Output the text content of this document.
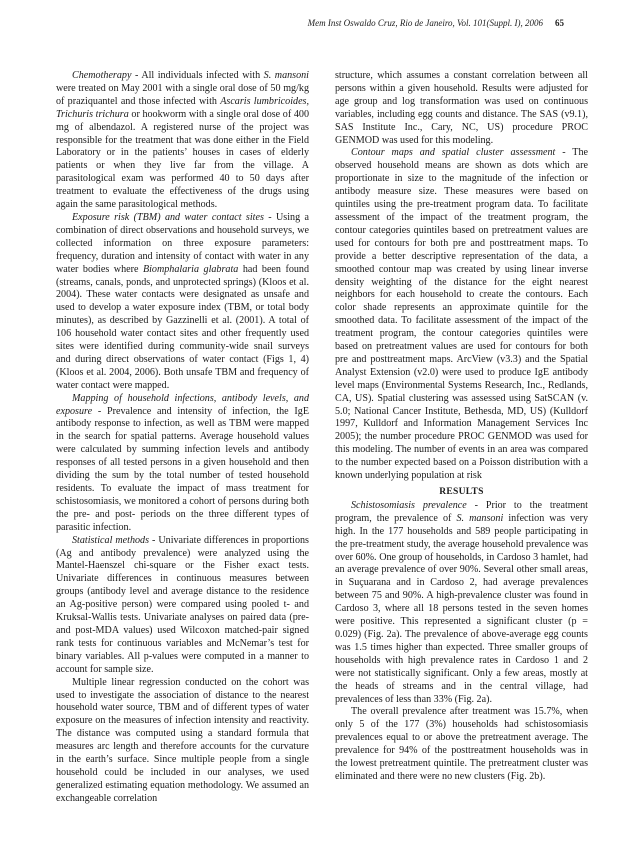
Mem Inst Oswaldo Cruz, Rio de Janeiro, Vol. 101(Suppl. I), 2006 65

Chemotherapy - All individuals infected with S. mansoni were treated on May 2001 with a single oral dose of 50 mg/kg of praziquantel and those infected with Ascaris lumbricoides, Trichuris trichura or hookworm with a single oral dose of 400 mg of albendazol. A registered nurse of the project was responsible for the treatment that was done either in the Field Laboratory or in the patients’ houses in cases of elderly patients or when they live far from the village. A parasitological exam was performed 40 to 50 days after treatment to evaluate the effectiveness of the drugs using again the same parasitological methods.

Exposure risk (TBM) and water contact sites - Using a combination of direct observations and household surveys, we collected information on three exposure parameters: frequency, duration and intensity of contact with water in any water bodies where Biomphalaria glabrata had been found (streams, canals, ponds, and unprotected springs) (Kloos et al. 2004). These water contacts were designated as unsafe and used to develop a water exposure index (TBM, or total body minutes), as described by Gazzinelli et al. (2001). A total of 106 household water contact sites and other frequently used sites were identified during community-wide snail surveys and during direct observations of water contact (Figs 1, 4) (Kloos et al. 2004, 2006). Both unsafe TBM and frequency of water contact were mapped.

Mapping of household infections, antibody levels, and exposure - Prevalence and intensity of infection, the IgE antibody response to infection, as well as TBM were mapped in the search for spatial patterns. Average household values were calculated by summing infection levels and antibody responses of all tested persons in a given household and then dividing the sum by the total number of tested household residents. To evaluate the impact of mass treatment for schistosomiasis, we monitored a cohort of persons during both the pre- and post- periods on the three different types of parasitic infection.

Statistical methods - Univariate differences in proportions (Ag and antibody prevalence) were analyzed using the Mantel-Haenszel chi-square or the Fisher exact tests. Univariate differences in continuous measures between groups (antibody level and average distance to the residence an Ag-positive person) were compared using pooled t- and Kruksal-Wallis tests. Univariate analyses on paired data (pre- and post-MDA values) used Wilcoxon matched-pair signed rank tests for continuous variables and McNemar’s test for binary variables. All p-values were computed in a manner to account for sample size.

Multiple linear regression conducted on the cohort was used to investigate the association of distance to the nearest household water source, TBM and of different types of water exposure on the measures of infection intensity and reactivity. The distance was computed using a standard formula that measures arc length and therefore accounts for the curvature in the earth’s surface. Since multiple people from a single household could be included in our analyses, we used generalized estimating equation methodology. We assumed an exchangeable correlation

structure, which assumes a constant correlation between all persons within a given household. Results were adjusted for age group and log transformation was used on continuous variables, including egg counts and distance. The SAS (v9.1), SAS Institute Inc., Cary, NC, US) procedure PROC GENMOD was used for this modeling.

Contour maps and spatial cluster assessment - The observed household means are shown as dots which are proportionate in size to the magnitude of the infection or antibody measure size. These measures were based on quintiles using the pre-treatment program data. To facilitate assessment of the impact of the treatment program, the contour categories quintiles based on pretreatment values are used for contours for both pre and posttreatment maps. To provide a better descriptive representation of the data, a smoothed contour map was created by using linear inverse density weighting of the distance for the eight nearest neighbors for each household to create the contours. Each color shade represents an approximate quintile for the smoothed data. To facilitate assessment of the impact of the treatment program, the contour categories quintiles were based on pretreatment values are used for contours for both pre and posttreatment maps. ArcView (v3.3) and the Spatial Analyst Extension (v2.0) were used to produce IgE antibody level maps (Environmental Systems Research, Inc., Redlands, CA, US). Spatial clustering was assessed using SatSCAN (v. 5.0; National Cancer Institute, Bethesda, MD, US) (Kulldorf 1997, Kulldorf and Information Management Services Inc 2005); the number procedure PROC GENMOD was used for this modeling. The number of events in an area was compared to the number expected based on a Poisson distribution with a known underlying population at risk

RESULTS

Schistosomiasis prevalence - Prior to the treatment program, the prevalence of S. mansoni infection was very high. In the 177 households and 589 people participating in the pre-treatment study, the average household prevalence was over 60%. One group of households, in Cardoso 3 hamlet, had an average prevalence of over 90%. Several other small areas, in Suçuarana and in Cardoso 2, had average prevalences between 75 and 90%. A high-prevalence cluster was found in Cardoso 3, where all 18 persons tested in the seven homes were positive. This represented a significant cluster (p = 0.029) (Fig. 2a). The prevalence of above-average egg counts was 1.5 times higher than expected. Three smaller groups of households with high prevalence rates in Cardoso 1 and 2 were not statistically significant. Only a few areas, mostly at the heads of streams and in the central village, had prevalences of less than 33% (Fig. 2a).

The overall prevalence after treatment was 15.7%, when only 5 of the 177 (3%) households had schistosomiasis prevalences equal to or above the pretreatment average. The prevalence for 94% of the posttreatment households was in the lowest pretreatment quintile. The pretreatment cluster was eliminated and there were no new clusters (Fig. 2b).
